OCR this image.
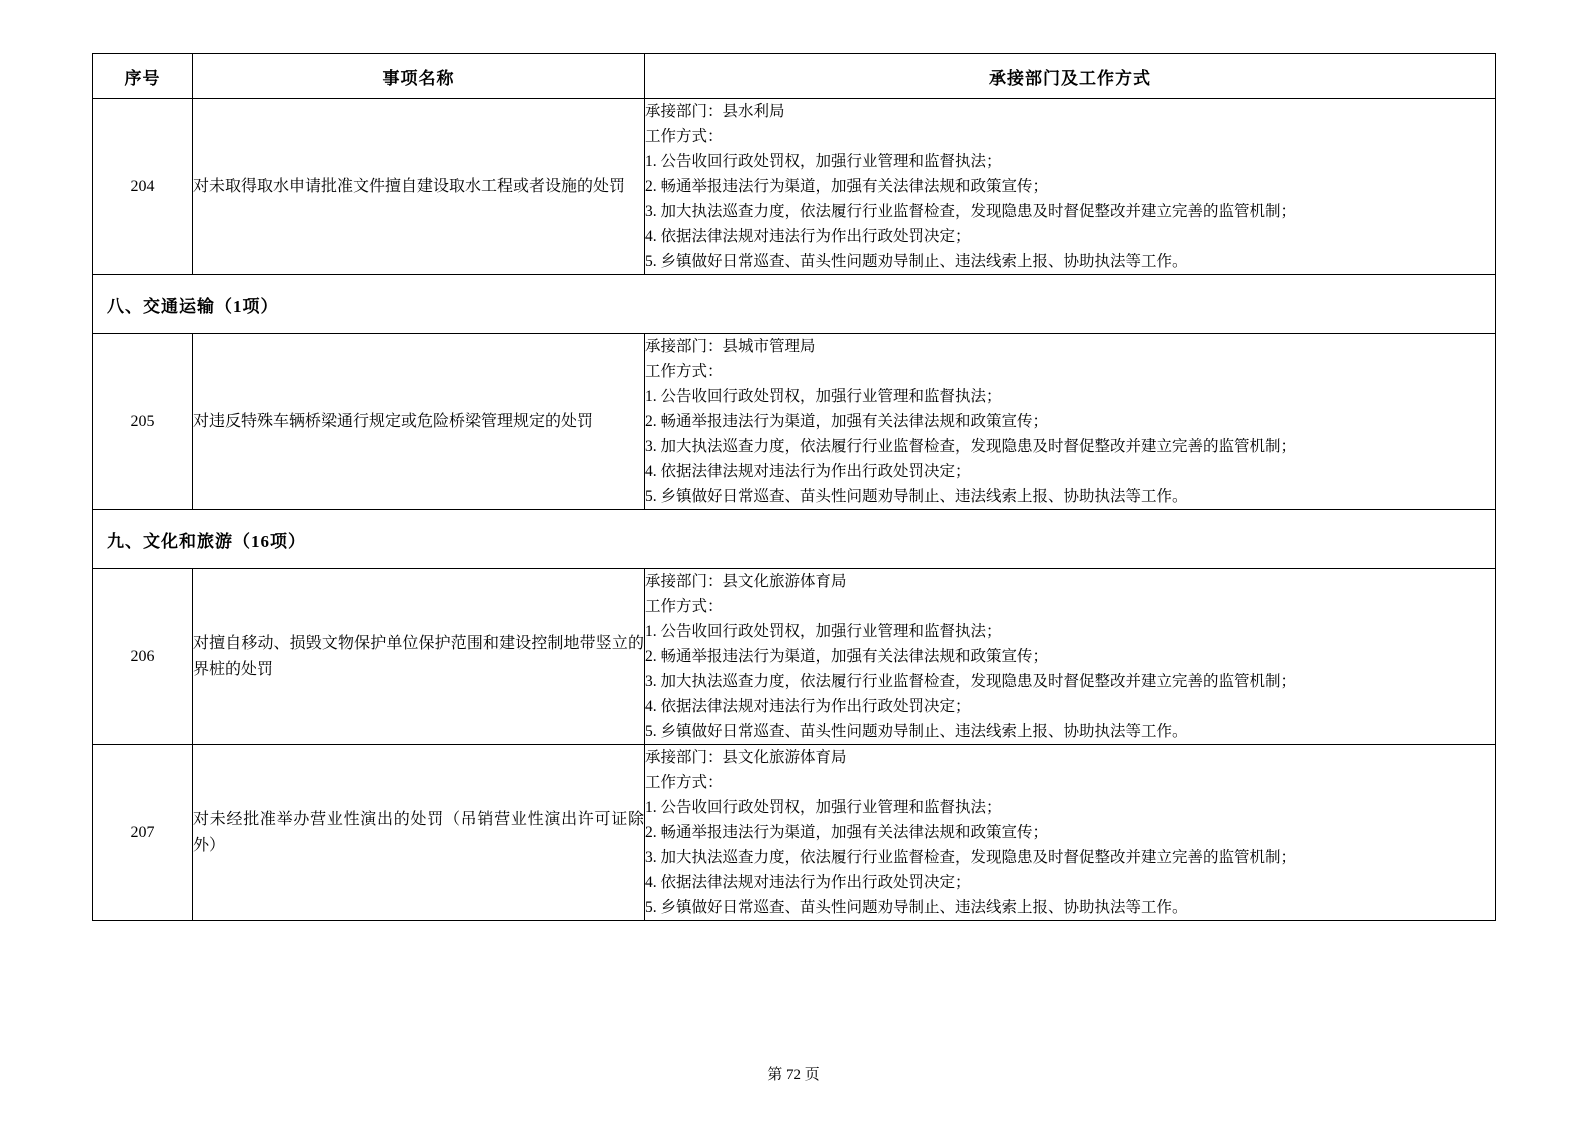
序号	事项名称	承接部门及工作方式
204	对未取得取水申请批准文件擅自建设取水工程或者设施的处罚	
承接部门：县水利局
工作方式：
1. 公告收回行政处罚权，加强行业管理和监督执法；
2. 畅通举报违法行为渠道，加强有关法律法规和政策宣传；
3. 加大执法巡查力度，依法履行行业监督检查，发现隐患及时督促整改并建立完善的监管机制；
4. 依据法律法规对违法行为作出行政处罚决定；
5. 乡镇做好日常巡查、苗头性问题劝导制止、违法线索上报、协助执法等工作。

八、交通运输（1项）		
205	对违反特殊车辆桥梁通行规定或危险桥梁管理规定的处罚	
承接部门：县城市管理局
工作方式：
1. 公告收回行政处罚权，加强行业管理和监督执法；
2. 畅通举报违法行为渠道，加强有关法律法规和政策宣传；
3. 加大执法巡查力度，依法履行行业监督检查，发现隐患及时督促整改并建立完善的监管机制；
4. 依据法律法规对违法行为作出行政处罚决定；
5. 乡镇做好日常巡查、苗头性问题劝导制止、违法线索上报、协助执法等工作。

九、文化和旅游（16项）		
206	对擅自移动、损毁文物保护单位保护范围和建设控制地带竖立的界桩的处罚	
承接部门：县文化旅游体育局
工作方式：
1. 公告收回行政处罚权，加强行业管理和监督执法；
2. 畅通举报违法行为渠道，加强有关法律法规和政策宣传；
3. 加大执法巡查力度，依法履行行业监督检查，发现隐患及时督促整改并建立完善的监管机制；
4. 依据法律法规对违法行为作出行政处罚决定；
5. 乡镇做好日常巡查、苗头性问题劝导制止、违法线索上报、协助执法等工作。

207	对未经批准举办营业性演出的处罚（吊销营业性演出许可证除外）	
承接部门：县文化旅游体育局
工作方式：
1. 公告收回行政处罚权，加强行业管理和监督执法；
2. 畅通举报违法行为渠道，加强有关法律法规和政策宣传；
3. 加大执法巡查力度，依法履行行业监督检查，发现隐患及时督促整改并建立完善的监管机制；
4. 依据法律法规对违法行为作出行政处罚决定；
5. 乡镇做好日常巡查、苗头性问题劝导制止、违法线索上报、协助执法等工作。
第 72 页
